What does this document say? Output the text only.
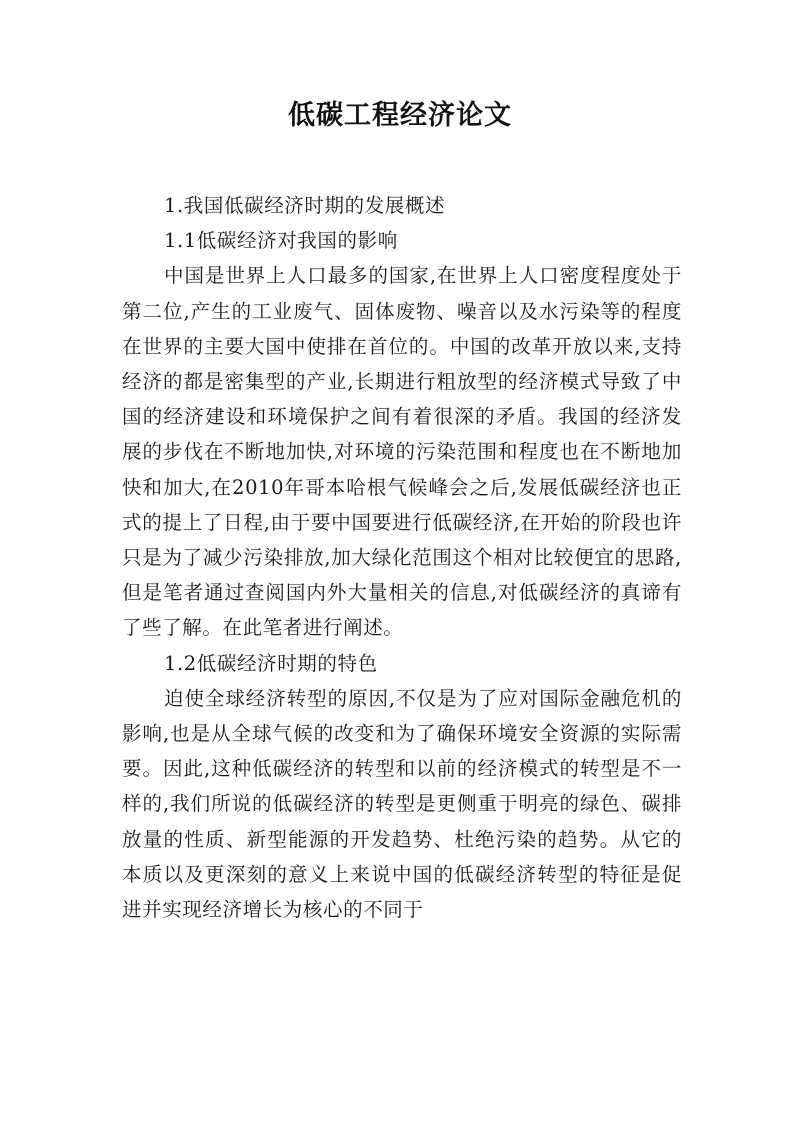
低碳工程经济论文

1.我国低碳经济时期的发展概述

1.1低碳经济对我国的影响

中国是世界上人口最多的国家,在世界上人口密度程度处于第二位,产生的工业废气、固体废物、噪音以及水污染等的程度在世界的主要大国中使排在首位的。中国的改革开放以来,支持经济的都是密集型的产业,长期进行粗放型的经济模式导致了中国的经济建设和环境保护之间有着很深的矛盾。我国的经济发展的步伐在不断地加快,对环境的污染范围和程度也在不断地加快和加大,在2010年哥本哈根气候峰会之后,发展低碳经济也正式的提上了日程,由于要中国要进行低碳经济,在开始的阶段也许只是为了减少污染排放,加大绿化范围这个相对比较便宜的思路,但是笔者通过查阅国内外大量相关的信息,对低碳经济的真谛有了些了解。在此笔者进行阐述。

1.2低碳经济时期的特色

迫使全球经济转型的原因,不仅是为了应对国际金融危机的影响,也是从全球气候的改变和为了确保环境安全资源的实际需要。因此,这种低碳经济的转型和以前的经济模式的转型是不一样的,我们所说的低碳经济的转型是更侧重于明亮的绿色、碳排放量的性质、新型能源的开发趋势、杜绝污染的趋势。从它的本质以及更深刻的意义上来说中国的低碳经济转型的特征是促进并实现经济增长为核心的不同于
